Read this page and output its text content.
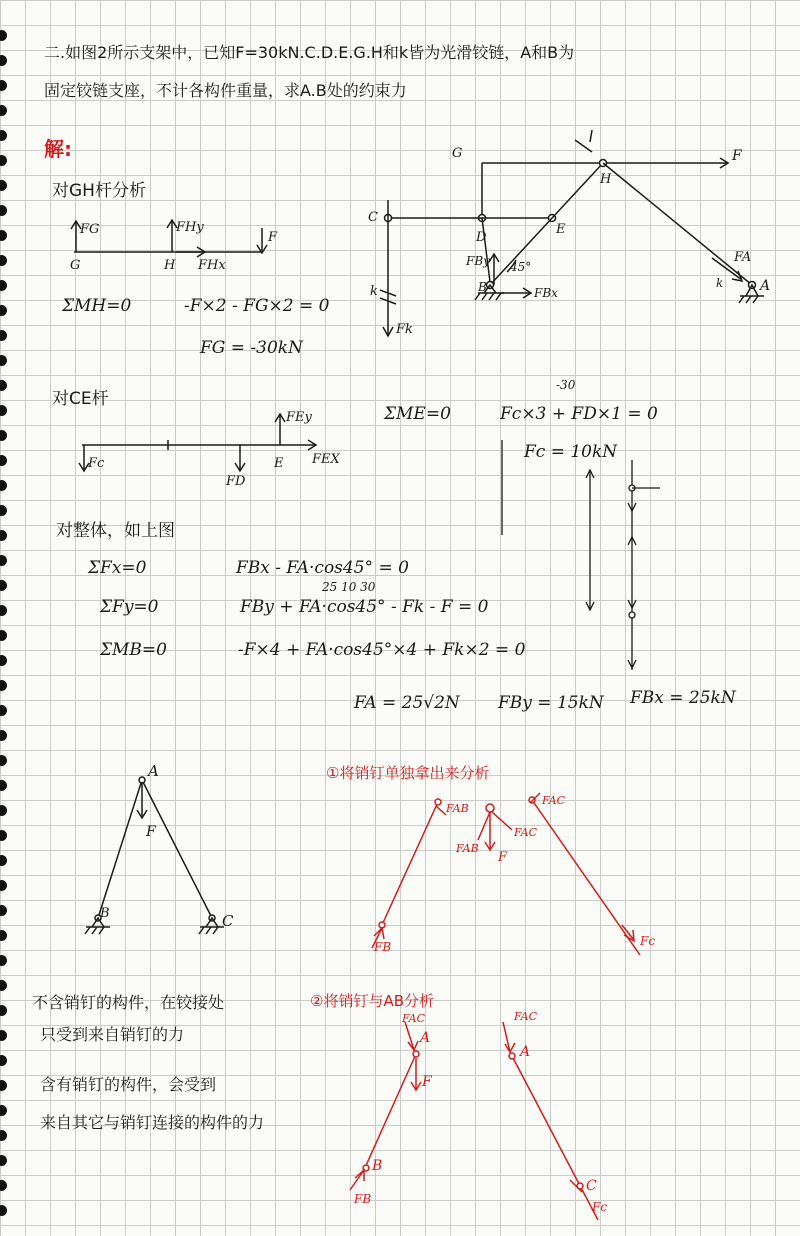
二.如图2所示支架中，已知F=30kN.C.D.E.G.H和k皆为光滑铰链，A和B为
固定铰链支座，不计各构件重量，求A.B处的约束力
解:
对GH杆分析
FG	FHy
F
G	H FHx
ΣMH=0	-F×2 - FG×2 = 0
FG = -30kN
G	F
H
C
D
E
FBy 45°
B	FBx
k
k
FA
A
Fk
对CE杆
Fc
FD
E
FEy
FEX
ΣME=0	Fc×3 + FD×1 = 0
-30
Fc = 10kN
对整体，如上图
ΣFx=0	FBx - FA·cos45° = 0
ΣFy=0	FBy + FA·cos45° - Fk - F = 0
25 10 30
ΣMB=0	-F×4 + FA·cos45°×4 + Fk×2 = 0
FA = 25√2N FBy = 15kN FBx = 25kN
A
F
B	C
①将销钉单独拿出来分析
FAB
FAC
FAB
F
FAC
FB	Fc
不含销钉的构件，在铰接处
只受到来自销钉的力
含有销钉的构件，会受到
来自其它与销钉连接的构件的力
②将销钉与AB分析
FAC
A
F
B
FB
FAC
A
C
Fc
